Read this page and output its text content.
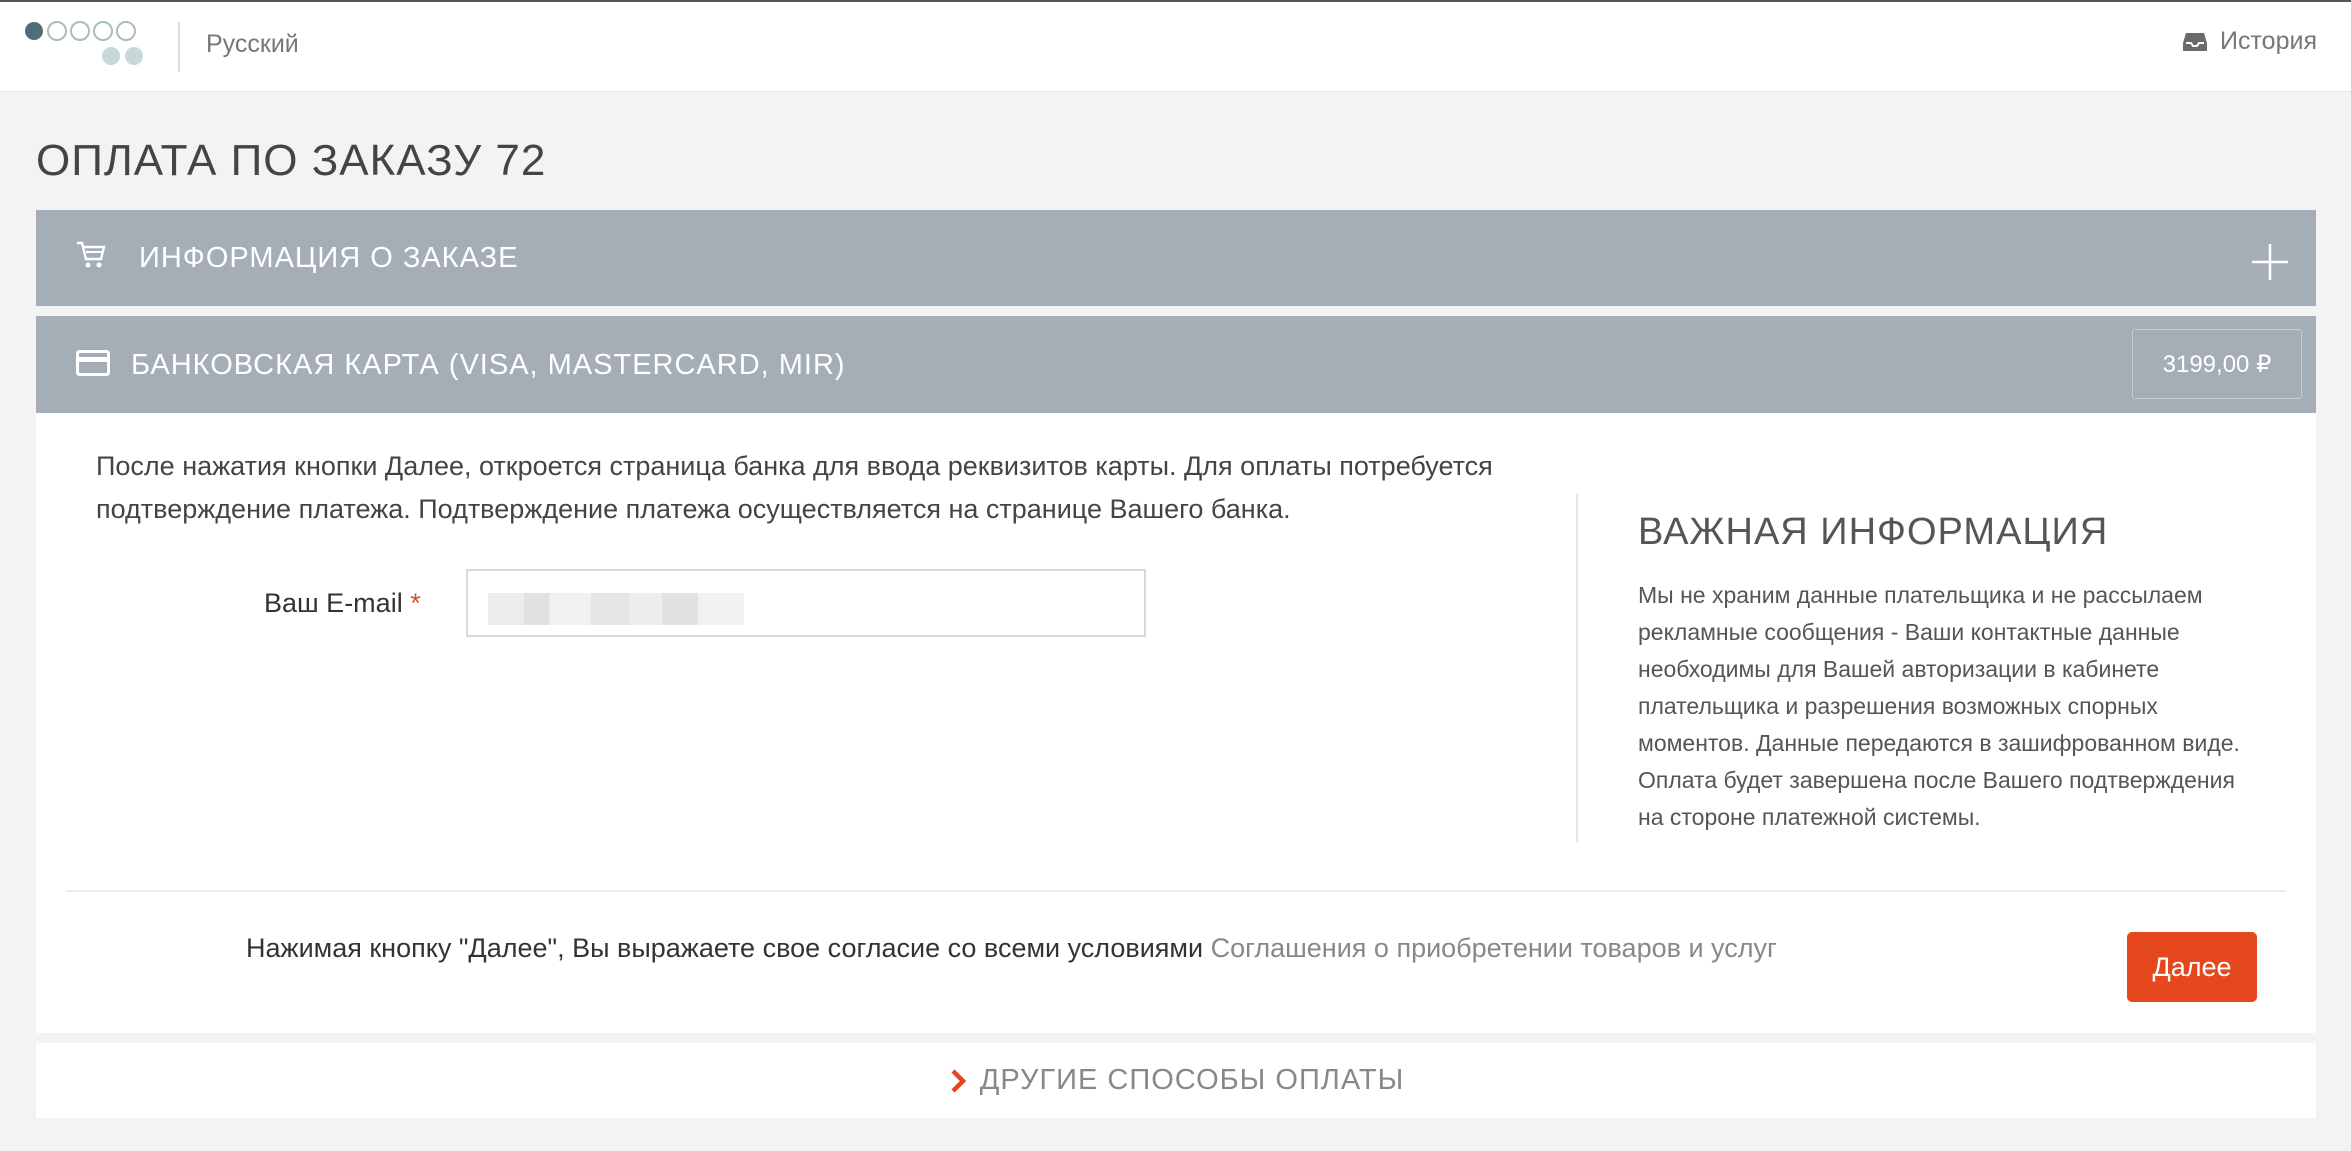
Русский	История
ОПЛАТА ПО ЗАКАЗУ 72
ИНФОРМАЦИЯ О ЗАКАЗЕ
БАНКОВСКАЯ КАРТА (VISA, MASTERCARD, MIR)	3199,00 ₽
После нажатия кнопки Далее, откроется страница банка для ввода реквизитов карты. Для оплаты потребуется подтверждение платежа. Подтверждение платежа осуществляется на странице Вашего банка.
Ваш E-mail *
ВАЖНАЯ ИНФОРМАЦИЯ
Мы не храним данные плательщика и не рассылаем рекламные сообщения - Ваши контактные данные необходимы для Вашей авторизации в кабинете плательщика и разрешения возможных спорных моментов. Данные передаются в зашифрованном виде. Оплата будет завершена после Вашего подтверждения на стороне платежной системы.
Нажимая кнопку "Далее", Вы выражаете свое согласие со всеми условиями Соглашения о приобретении товаров и услуг
Далее
ДРУГИЕ СПОСОБЫ ОПЛАТЫ
